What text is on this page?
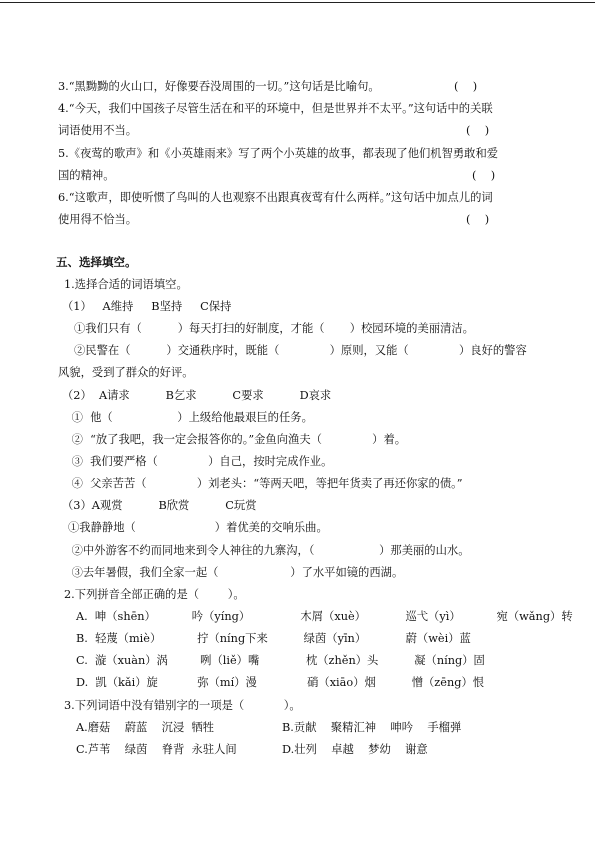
3.“黑黝黝的火山口，好像要吞没周围的一切。”这句话是比喻句。	(    )
4.“今天，我们中国孩子尽管生活在和平的环境中，但是世界并不太平。”这句话中的关联
词语使用不当。	(    )
5.《夜莺的歌声》和《小英雄雨来》写了两个小英雄的故事，都表现了他们机智勇敢和爱
国的精神。	(    )
6.“这歌声，即使听惯了鸟叫的人也观察不出跟真夜莺有什么两样。”这句话中加点儿的词
使用得不恰当。	(    )
五、选择填空。
1.选择合适的词语填空。
（1）   A维持     B坚持     C保持
①我们只有（          ）每天打扫的好制度，才能（       ）校园环境的美丽清洁。
②民警在（          ）交通秩序时，既能（              ）原则，又能（              ）良好的警容
风貌，受到了群众的好评。
（2）  A请求          B乞求          C要求          D哀求
①  他（                  ）上级给他最艰巨的任务。
②  “放了我吧，我一定会报答你的。”金鱼向渔夫（              ）着。
③  我们要严格（              ）自己，按时完成作业。
④  父亲苦苦（              ）刘老头：“等两天吧，等把年货卖了再还你家的债。”
（3）A观赏          B欣赏          C玩赏
①我静静地（                      ）着优美的交响乐曲。
②中外游客不约而同地来到令人神往的九寨沟，（                  ）那美丽的山水。
③去年暑假，我们全家一起（                    ）了水平如镜的西湖。
2.下列拼音全部正确的是（        ）。
A.  呻（shēn）          吟（yíng）              木屑（xuè）           巡弋（yì）          宛（wǎng）转
B.  轻蔑（miè）          拧（níng下来          绿茵（yīn）           蔚（wèi）蓝
C.  漩（xuàn）涡         咧（liě）嘴             枕（zhěn）头          凝（níng）固
D.  凯（kǎi）旋           弥（mí）漫              硝（xiāo）烟          憎（zēng）恨
3.下列词语中没有错别字的一项是（           ）。
A.磨菇    蔚蓝    沉浸  牺牲	B.贡献    聚精汇神    呻吟    手榴弹
C.芦苇    绿茵    脊背  永驻人间	D.壮列    卓越    梦幼    谢意
